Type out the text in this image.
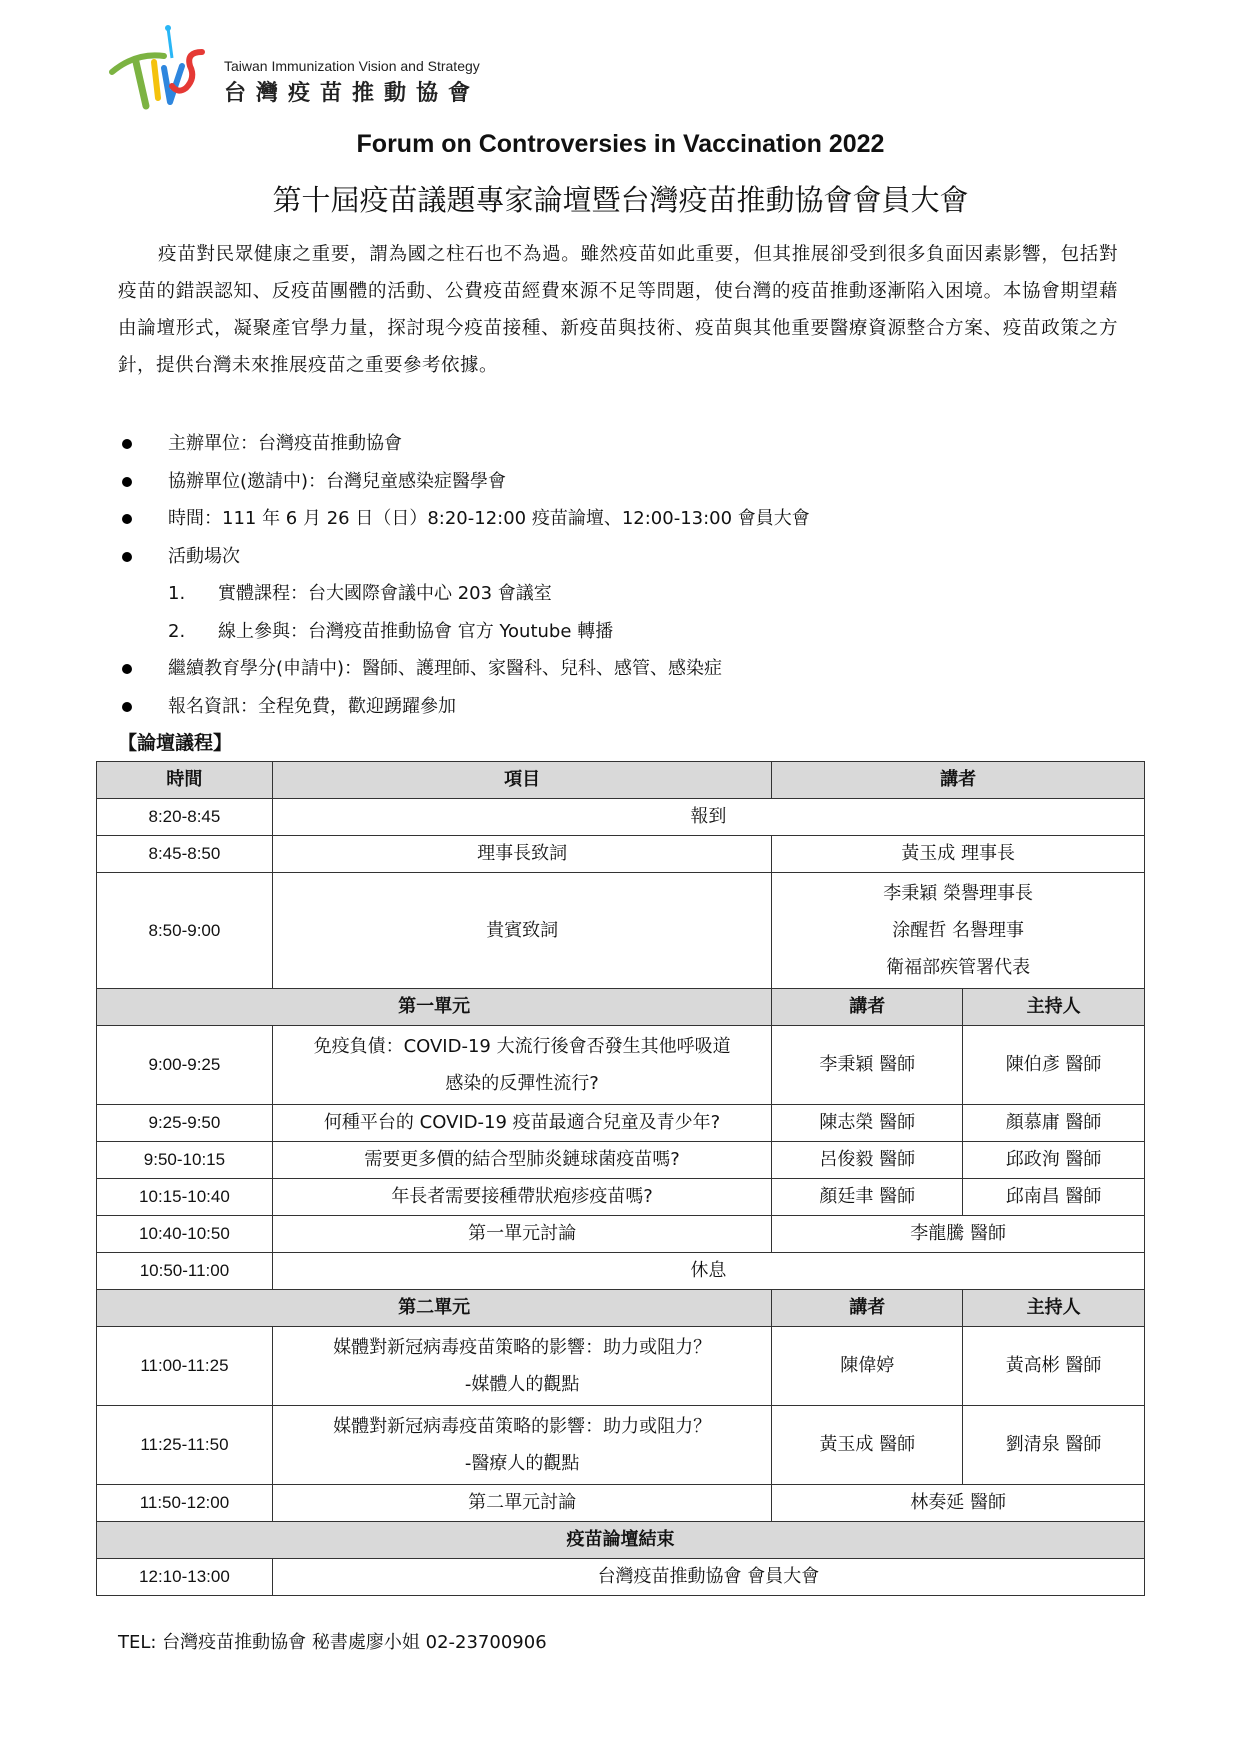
Taiwan Immunization Vision and Strategy
台灣疫苗推動協會
Forum on Controversies in Vaccination 2022
第十屆疫苗議題專家論壇暨台灣疫苗推動協會會員大會
疫苗對民眾健康之重要，謂為國之柱石也不為過。雖然疫苗如此重要，但其推展卻受到很多負面因素影響，包括對疫苗的錯誤認知、反疫苗團體的活動、公費疫苗經費來源不足等問題，使台灣的疫苗推動逐漸陷入困境。本協會期望藉由論壇形式，凝聚產官學力量，探討現今疫苗接種、新疫苗與技術、疫苗與其他重要醫療資源整合方案、疫苗政策之方針，提供台灣未來推展疫苗之重要參考依據。
主辦單位：台灣疫苗推動協會
協辦單位(邀請中)：台灣兒童感染症醫學會
時間：111 年 6 月 26 日（日）8:20-12:00 疫苗論壇、12:00-13:00 會員大會
活動場次
1. 實體課程：台大國際會議中心 203 會議室
2. 線上參與：台灣疫苗推動協會 官方 Youtube 轉播
繼續教育學分(申請中)：醫師、護理師、家醫科、兒科、感管、感染症
報名資訊：全程免費，歡迎踴躍參加
【論壇議程】
時間	項目	講者	
8:20-8:45	報到		
8:45-8:50	理事長致詞	黃玉成 理事長	
8:50-9:00	貴賓致詞	李秉穎 榮譽理事長
涂醒哲 名譽理事
衛福部疾管署代表	

第一單元		講者	主持人
9:00-9:25	免疫負債：COVID-19 大流行後會否發生其他呼吸道
感染的反彈性流行?	李秉穎 醫師	陳伯彥 醫師
9:25-9:50	何種平台的 COVID-19 疫苗最適合兒童及青少年?	陳志榮 醫師	顏慕庸 醫師
9:50-10:15	需要更多價的結合型肺炎鏈球菌疫苗嗎?	呂俊毅 醫師	邱政洵 醫師
10:15-10:40	年長者需要接種帶狀疱疹疫苗嗎?	顏廷聿 醫師	邱南昌 醫師
10:40-10:50	第一單元討論	李龍騰 醫師	
10:50-11:00	休息		
第二單元		講者	主持人
11:00-11:25	媒體對新冠病毒疫苗策略的影響：助力或阻力？
-媒體人的觀點	陳偉婷	黃高彬 醫師
11:25-11:50	媒體對新冠病毒疫苗策略的影響：助力或阻力？
-醫療人的觀點	黃玉成 醫師	劉清泉 醫師
11:50-12:00	第二單元討論	林奏延 醫師	
疫苗論壇結束			
12:10-13:00	台灣疫苗推動協會 會員大會		
TEL: 台灣疫苗推動協會 秘書處廖小姐 02-23700906
